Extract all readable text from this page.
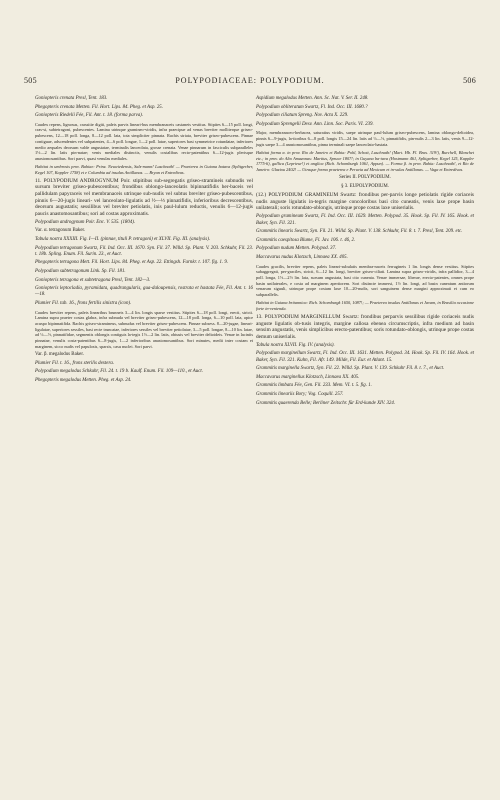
505	POLYPODIACEAE: POLYPODIUM.	506

Goniopteris crenata Presl, Tent. 183.

Phegopteris crenata Metten. Fil. Hort. Lips. 84. Pheg. et Asp. 25.

Goniopteris Riedelii Fée, Fil. Ant. t. 18. (forma parva).

Caudex repens, lignosus, crassitie digiti, paleis parvis lineari-bus membranaceis castaneis vestitus. Stipites 6—15 poll. longi, cras-si, subtetragoni, pubescentes. Lamina utrinque gramineo-viridis, infra praecipue ad venas breviter molliterque griseo-pubescens, 12—18 poll. longa, 8—12 poll. lata, tota simpliciter pinnata. Rachis striata, breviter griseo-pubescens. Pinnae contiguae, adscendentes vel subpatentes, 4—6 poll. longae, 1—2 poll. latae, superiores basi symmetrice rotundatae, inferiores medio aequales deorsum valde angustatae, terminalis lanceolata, grosse crenata. Venae pinnarum in fasciculis subparalleles 1½—2 lin. latis pin-natae; venis mediales distinctis, venulis costalibus recto-patentibus 6—12-jugis plerisque anastomosantibus. Sori parvi, quasi venulas mediales.

Habitat in umbrosis prov. Bahiae: Prinz. Neuwiedensis, Salz-mann! Luschnath! — Praeterea in Guiana batava (Splitgerber, Kegel 107, Kappler 1758) et e Columbia ad insulas Antillanas. — Bryan et Entredivas.

11. POLYPODIUM ANDROGYNUM Poir. stipitibus sub-segregatis griseo-stramineis subnudis vel sursum breviter griseo-pubescentibus; frondibus oblongo-lanceolatis bipinnatifidis her-baceis vel pallidulam papyraceis vel membranaceis utrinque sub-nudis vel subtus breviter griseo-pubescentibus, pinnis 6—20-jugis lineari- vel lanceolato-ligulatis ad ½—⅓ pinnatifidis, inferioribus decrescentibus, deorsum augustatis; sessilibus vel breviter petiolatis, inis paul-lulum reductis, venulis 6—12-jugis paucis anastomosantibus; sori ad costas approximatis.

Polypodium androgynum Poir. Enc. V. 535. (1804).

Var. α. tetragonum Baker.

Tabula nostra XXXIII. Fig. I—II. (pinnae, tituli P. tetragoni) et XLVII. Fig. III. (analysis).

Polypodium tetragonum Swartz, Fil. Ind. Occ. III. 1670. Syn. Fil. 37. Willd. Sp. Plant. V. 203. Schkuhr, Fil. 23. t. 18b. Spling. Enum. Fil. Surin. 23., et Auct.

Phegopteris tetragona Mett. Fil. Hort. Lips. 84. Pheg. et Asp. 22. Ettingsh. Farnkr. t. 107. fig. 1. 9.

Polypodium subtetragonum Link. Sp. Fil. 181.

Goniopteris tetragona et subtetragona Presl, Tent. 182—3.

Goniopteris leptocladia, pyramidata, quadrangularis, gua-daloupensis, rostrata et hastata Fée, Fil. Ant. t. 16—18.

Plumier Fil. tab. 16., frons fertilis sinistra (icon).

Caudex breviter repens, paleis linearibus brunneis 3—4 lin. longis sparse vestitus. Stipites 6—18 poll. longi, erecti, stricti. Lamina supra praeter costas glabra, infra subnuda vel breviter griseo-pubescens, 12—18 poll. longa, 6—10 poll. lata, apice acuspo bipinnatifida. Rachis griseo-stramineus, subnudus vel breviter griseo-pubescens. Pinnae subsess. 8—20-jugae, lineari-ligulatae, superiores sessiles, basi recte truncatae, inferiores sessiles vel breviter petiolatae, 3—5 poll. longae, 8—10 lin. latae, ad ⅓—½, pinnatifidae, segmentis oblongis contiguis la-tegis 1½—2 lin. latis, obtusis vel breviter deltoideis. Venae in laciniis pinnatae, venulis costa-patentibus 6—8-jugis, 1—2 inferioribus anastomosantibus. Sori minutes, medii inter costam et marginem, sicco nudis vel papulosis, sparsis, casu nuclei. Sori parvi.

Var. β. megalodus Baker.

Plumier Fil. t. 16., frons sterilis dextera.

Polypodium megalodus Schkuhr, Fil. 24. t. 19 b. Kaulf. Enum. Fil. 109—110., et Auct.

Phegopteris megalodus Metten. Pheg. et Asp. 24.

Aspidium megalodus Metten. Ann. Sc. Nat. V. Ser. II. 248.

Polypodium obliteratum Swartz, Fl. Ind. Occ. III. 1680.?

Polypodium ciliatum Spreng. Nov. Acta X. 229.

Polypodium Sprengelii Desv. Ann. Linn. Soc. Paris. VI. 239.

Major, membranaceo-herbacea, saturatius viridis, saepe utrinque paul-lulum griseo-pubescens, lamina oblongo-deltoidea, pinnis 6—9-jugis, la-tioribus 6—8 poll. longis 15—24 lin. latis ad ⅓—½, pinnatifidis, pin-nulis 2—3 lin. latis, venis 9—12-jugis saepe 3—4 anastomosantibus, pinna terminali saepe lanceolato-hastata.

Habitat forma α. in prov. Rio de Janeiro et Bahia: Pohl, Schott, Luschnath! (Mart. Hb. Fl. Bras. 319!), Burchell, Blanchet etc.; in prov. do Alto Amazonas: Martius, Spruce 1807!; in Guyana ba-tava (Hostmann 461, Splitgerber, Kegel 125, Kappler 1775-6), gallica (Leprieur!) et anglica (Rich. Schomburgk 1061, Appun). — Forma β. in prov. Bahia: Luschnath!, et Rio de Janeiro: Glaziou 2402! — Utraque forma praeterea e Peruvia ad Mexicum et in-sulas Antillanas. — Vaga et Entredivas.

Series II. POLYPODIUM.

§ 3. EUPOLYPODIUM.

(12.) POLYPODIUM GRAMINEUM Swartz: frondibus per-parvis longe petiolatis rigide coriaceis nudis anguste ligulatis in-tegris margine concoloribus basi cito cuneatis, venis laxe prope basin unilaterali; soris rotundato-oblongis, utrinque prope costas laxe uniserialis.

Polypodium gramineum Swartz, Fl. Ind. Occ. III. 1629. Metten. Polypod. 35. Hook. Sp. Fil. IV. 165. Hook. et Baker, Syn. Fil. 321.

Grammitis linearis Swartz, Syn. Fil. 21. Willd. Sp. Plant. V. 138. Schkuhr, Fil. 8. t. 7. Presl, Tent. 209. etc.

Grammitis caespitosa Blume, Fl. Jav. 106. t. 46, 2.

Polypodium nudum Metten. Polypod. 37.

Maccavarus nudus Klotzsch, Linnaea XX. 405.

Caudex gracilis, breviter repens, paleis lineari-subulatis membra-naceis ferrugineis 1 lin. longis dense vestitus. Stipites subaggregati, per-graciles, stricti, 6—12 lin. longi, breviter griseo-ciliati. Lamina supra griseo-viridis, infra pallidior, 3—4 poll. longa, 1½—2½ lin. lata, sursum angustata, basi cito cuneata. Venae immersae, liberae, erecto-patentes, omnes prope basin unilaterales, e costa ad marginem apertiorem. Sori distincte immersi, 1½ lin. longi, ad basin cuneatum antiorum venarum siguuli, utrinque prope costam laxe 10—20-nudis, sori sanguinem dense margini approximati et cum eo subparallelis.

Habitat in Guiana britannica: Rich. Schomburgk 1650, 1087!; — Praeterea insulas Antillanas et Javam, in Brasilia occasione forte in-venienda.

13. POLYPODIUM MARGINELLUM Swartz: frondibus perparvis sessilibus rigide coriaceis nudis anguste ligulatis ob-tusis integris, margine callosa ebenea circumscriptis, infra medium ad basin sensim angustatis, venis simplicibus erecto-patentibus; soris rotundato-oblongis, utrinque prope costas demum uniserialis.

Tabula nostra XLVII. Fig. IV. (analysis).

Polypodium marginellum Swartz, Fl. Ind. Occ. III. 1631. Metten. Polypod. 34. Hook. Sp. Fil. IV. 164. Hook. et Baker, Syn. Fil. 321. Kuhn, Fil. Afr. 149. Milde, Fil. Eur. et Atlant. 15.

Grammitis marginella Swartz, Syn. Fil. 22. Willd. Sp. Plant. V. 139. Schkuhr Fil. 8. t. 7., et Auct.

Maccavarus marginellus Klotzsch, Linnaea XX. 405.

Grammitis limbata Fée, Gen. Fil. 233. Mem. VI. t. 5. fig. 1.

Grammitis lineariis Bory; Vog. Coquill. 257.

Grammitis quaerenda Belle; Berliner Zeitschr. für Erd-kunde XIV. 324.
